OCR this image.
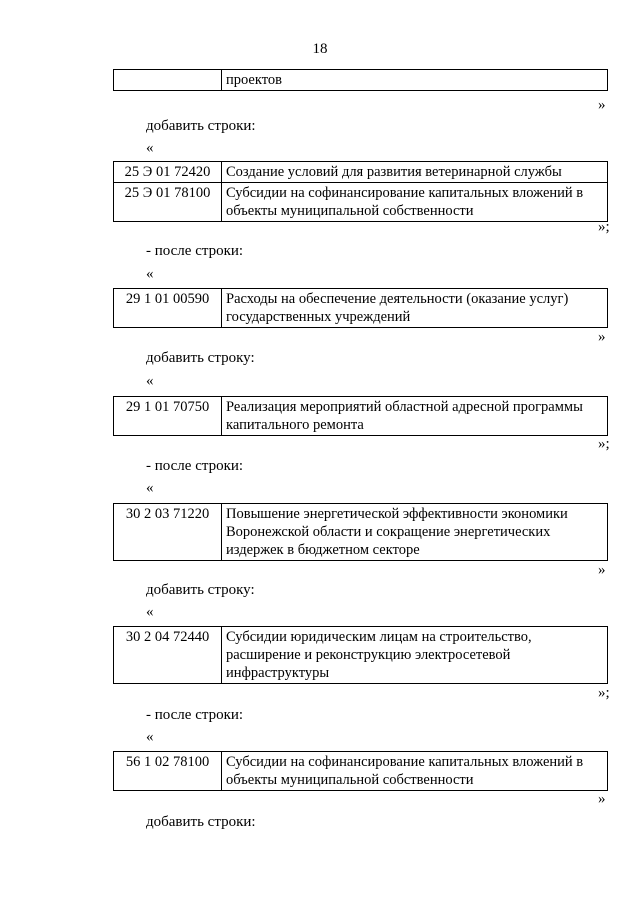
18
	проектов
»
добавить строки:
«
25 Э 01 72420	Создание условий для развития ветеринарной службы
25 Э 01 78100	Субсидии на софинансирование капитальных вложений в объекты муниципальной собственности
»;
- после строки:
«
29 1 01 00590	Расходы на обеспечение деятельности (оказание услуг) государственных учреждений
»
добавить строку:
«
29 1 01 70750	Реализация мероприятий областной адресной программы капитального ремонта
»;
- после строки:
«
30 2 03 71220	Повышение энергетической эффективности экономики Воронежской области и сокращение энергетических издержек в бюджетном секторе
»
добавить строку:
«
30 2 04 72440	Субсидии юридическим лицам на строительство, расширение и реконструкцию электросетевой инфраструктуры
»;
- после строки:
«
56 1 02 78100	Субсидии на софинансирование капитальных вложений в объекты муниципальной собственности
»
добавить строки:
